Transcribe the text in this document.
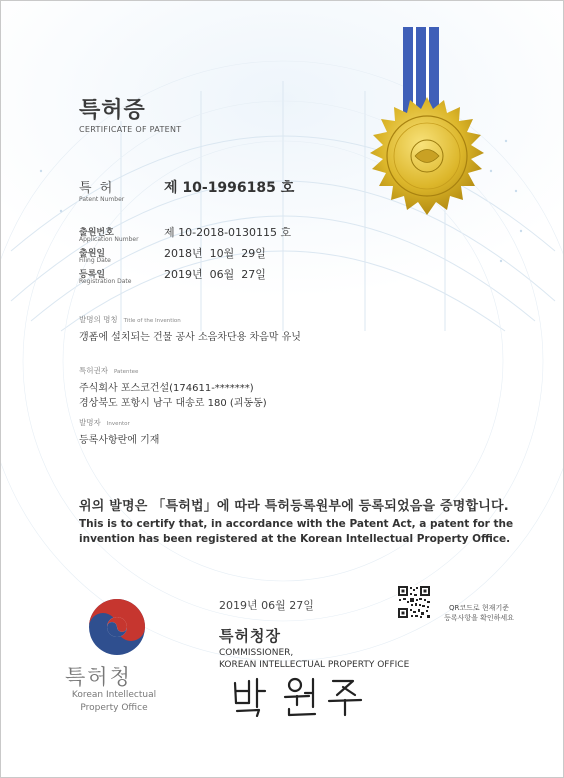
특허증
CERTIFICATE OF PATENT
특 허
Patent Number
제 10-1996185 호
출원번호
Application Number
제 10-2018-0130115 호
출원일
Filing Date
2018년  10월  29일
등록일
Registration Date
2019년  06월  27일
발명의 명칭 Title of the Invention
갱폼에 설치되는 건물 공사 소음차단용 차음막 유닛
특허권자 Patentee
주식회사 포스코건설(174611-*******)
경상북도 포항시 남구 대송로 180 (괴동동)
발명자 Inventor
등록사항란에 기재
위의 발명은 「특허법」에 따라 특허등록원부에 등록되었음을 증명합니다.
This is to certify that, in accordance with the Patent Act, a patent for the invention has been registered at the Korean Intellectual Property Office.
특허청
Korean Intellectual
Property Office
2019년 06월 27일	QR코드로 현재기준
등록사항을 확인하세요
특허청장
COMMISSIONER,
KOREAN INTELLECTUAL PROPERTY OFFICE
